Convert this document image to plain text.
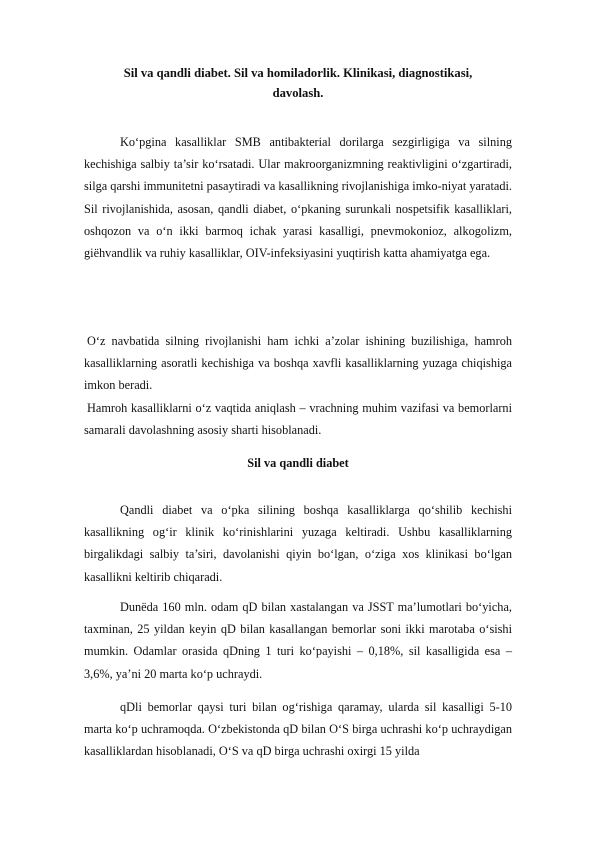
Sil va qandli diabet. Sil va homiladorlik. Klinikasi, diagnostikasi,

davolash.

Ko‘pgina kasalliklar SMB antibakterial dorilarga sezgirligiga va silning kechishiga salbiy ta’sir ko‘rsatadi. Ular makroorganizmning reaktivligini o‘zgartiradi, silga qarshi immunitetni pasaytiradi va kasallikning rivojlanishiga imko-niyat yaratadi. Sil rivojlanishida, asosan, qandli diabet, o‘pkaning surunkali nospetsifik kasalliklari, oshqozon va o‘n ikki barmoq ichak yarasi kasalligi, pnevmokonioz, alkogolizm, giёhvandlik va ruhiy kasalliklar, OIV-infeksiyasini yuqtirish katta ahamiyatga ega.

O‘z navbatida silning rivojlanishi ham ichki a’zolar ishining buzilishiga, hamroh kasalliklarning asoratli kechishiga va boshqa xavfli kasalliklarning yuzaga chiqishiga imkon beradi.

Hamroh kasalliklarni o‘z vaqtida aniqlash – vrachning muhim vazifasi va bemorlarni samarali davolashning asosiy sharti hisoblanadi.

Sil va qandli diabet

Qandli diabet va o‘pka silining boshqa kasalliklarga qo‘shilib kechishi kasallikning og‘ir klinik ko‘rinishlarini yuzaga keltiradi. Ushbu kasalliklarning birgalikdagi salbiy ta’siri, davolanishi qiyin bo‘lgan, o‘ziga xos klinikasi bo‘lgan kasallikni keltirib chiqaradi.

Dunёda 160 mln. odam qD bilan xastalangan va JSST ma’lumotlari bo‘yicha, taxminan, 25 yildan keyin qD bilan kasallangan bemorlar soni ikki marotaba o‘sishi mumkin. Odamlar orasida qDning 1 turi ko‘payishi – 0,18%, sil kasalligida esa – 3,6%, ya’ni 20 marta ko‘p uchraydi.

qDli bemorlar qaysi turi bilan og‘rishiga qaramay, ularda sil kasalligi 5-10 marta ko‘p uchramoqda. O‘zbekistonda qD bilan O‘S birga uchrashi ko‘p uchraydigan kasalliklardan hisoblanadi, O‘S va qD birga uchrashi oxirgi 15 yilda
